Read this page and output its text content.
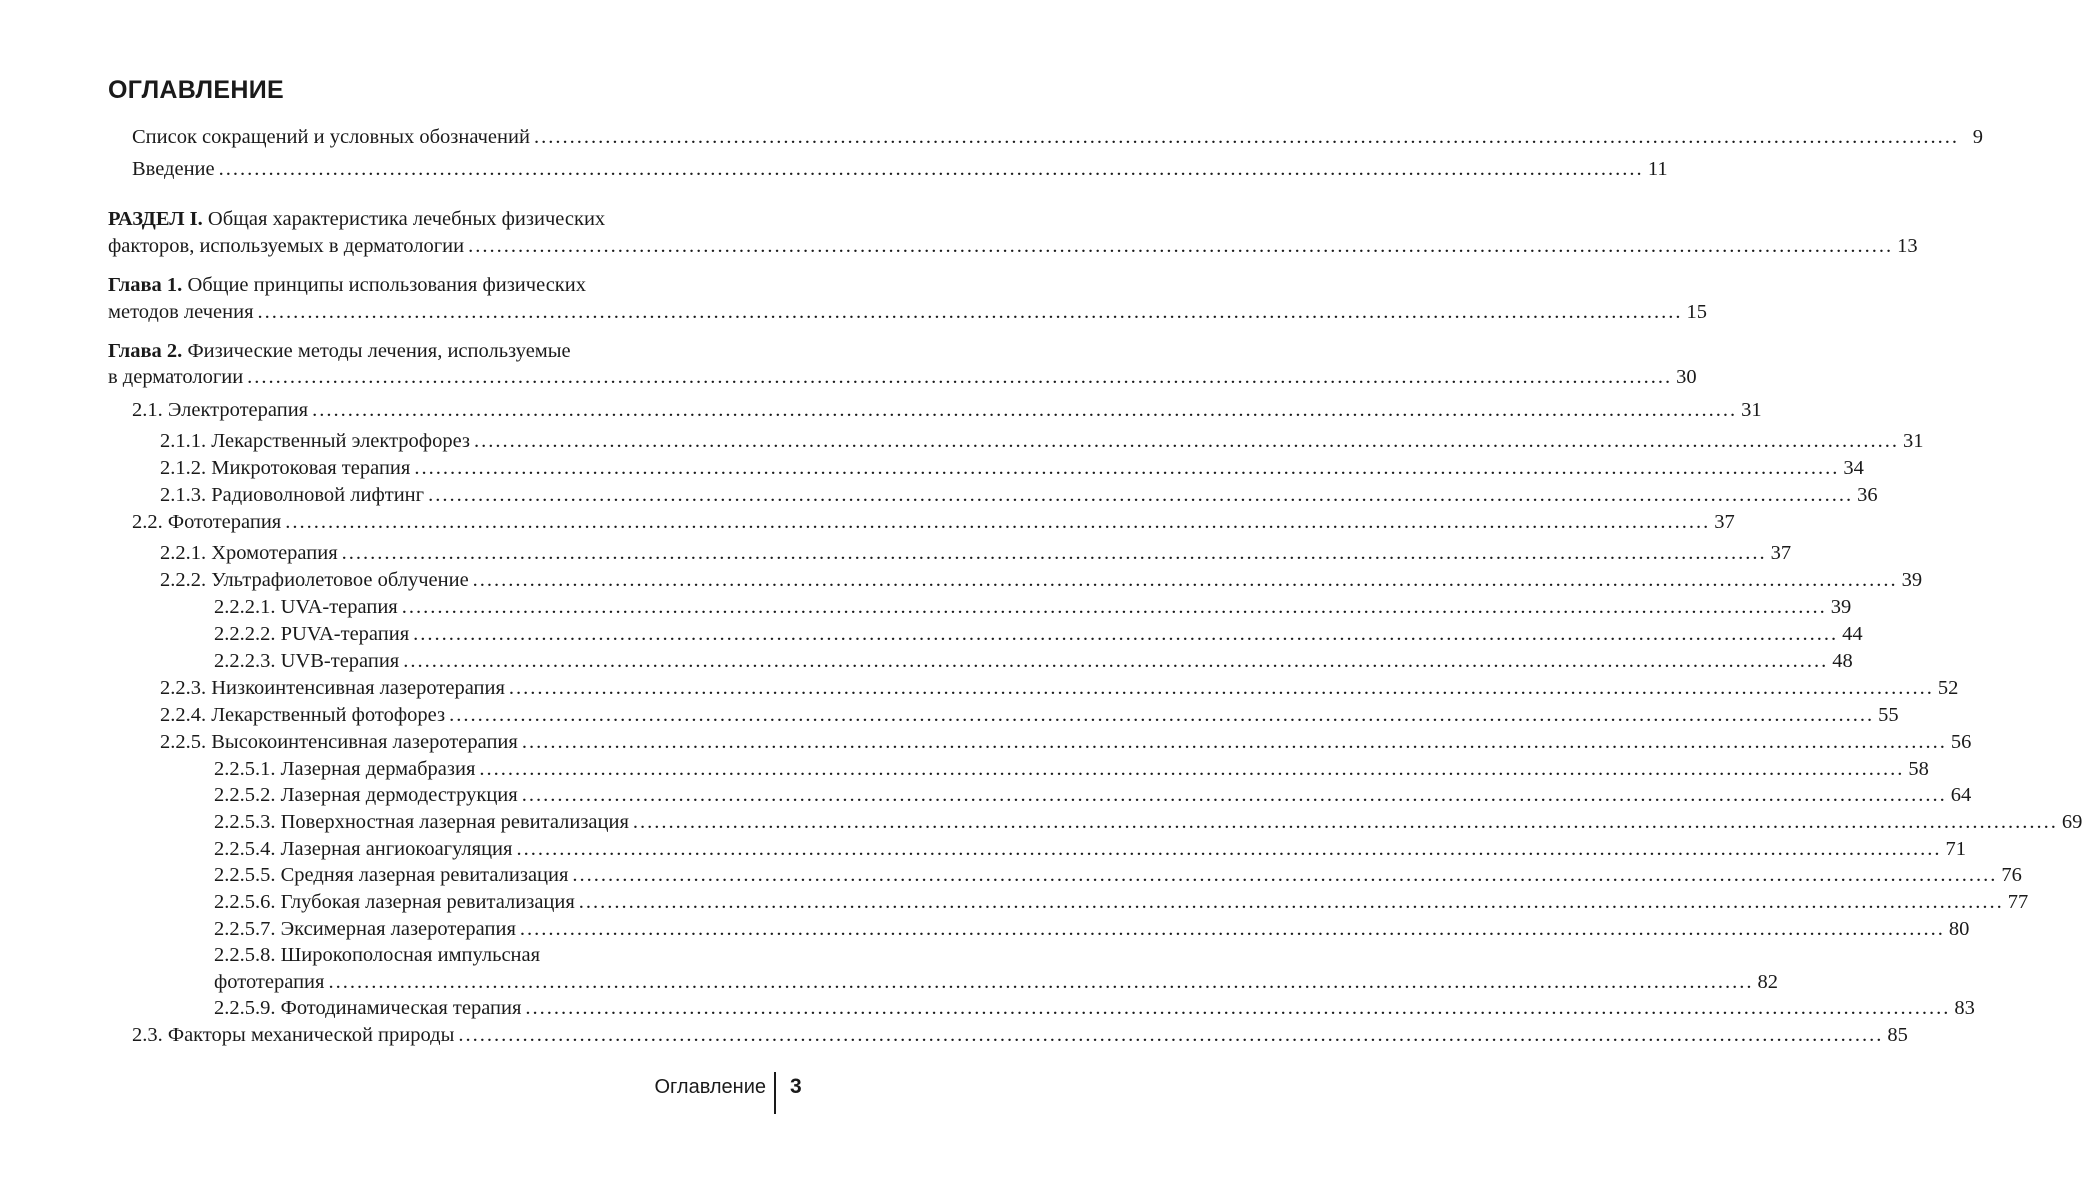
ОГЛАВЛЕНИЕ
Список сокращений и условных обозначений ........................................................................................................................................................................................................ 9
Введение ........................................................................................................................................................................................................ 11
РАЗДЕЛ I. Общая характеристика лечебных физических
факторов, используемых в дерматологии ........................................................................................................................................................................................................ 13
Глава 1. Общие принципы использования физических
методов лечения ........................................................................................................................................................................................................ 15
Глава 2. Физические методы лечения, используемые
в дерматологии ........................................................................................................................................................................................................ 30
2.1. Электротерапия ........................................................................................................................................................................................................ 31
2.1.1. Лекарственный электрофорез ........................................................................................................................................................................................................ 31
2.1.2. Микротоковая терапия ........................................................................................................................................................................................................ 34
2.1.3. Радиоволновой лифтинг ........................................................................................................................................................................................................ 36
2.2. Фототерапия ........................................................................................................................................................................................................ 37
2.2.1. Хромотерапия ........................................................................................................................................................................................................ 37
2.2.2. Ультрафиолетовое облучение ........................................................................................................................................................................................................ 39
2.2.2.1. UVA-терапия ........................................................................................................................................................................................................ 39
2.2.2.2. PUVA-терапия ........................................................................................................................................................................................................ 44
2.2.2.3. UVB-терапия ........................................................................................................................................................................................................ 48
2.2.3. Низкоинтенсивная лазеротерапия ........................................................................................................................................................................................................ 52
2.2.4. Лекарственный фотофорез ........................................................................................................................................................................................................ 55
2.2.5. Высокоинтенсивная лазеротерапия ........................................................................................................................................................................................................ 56
2.2.5.1. Лазерная дермабразия ........................................................................................................................................................................................................ 58
2.2.5.2. Лазерная дермодеструкция ........................................................................................................................................................................................................ 64
2.2.5.3. Поверхностная лазерная ревитализация ........................................................................................................................................................................................................ 69
2.2.5.4. Лазерная ангиокоагуляция ........................................................................................................................................................................................................ 71
2.2.5.5. Средняя лазерная ревитализация ........................................................................................................................................................................................................ 76
2.2.5.6. Глубокая лазерная ревитализация ........................................................................................................................................................................................................ 77
2.2.5.7. Эксимерная лазеротерапия ........................................................................................................................................................................................................ 80
2.2.5.8. Широкополосная импульсная
фототерапия ........................................................................................................................................................................................................ 82
2.2.5.9. Фотодинамическая терапия ........................................................................................................................................................................................................ 83
2.3. Факторы механической природы ........................................................................................................................................................................................................ 85
Оглавление 3
